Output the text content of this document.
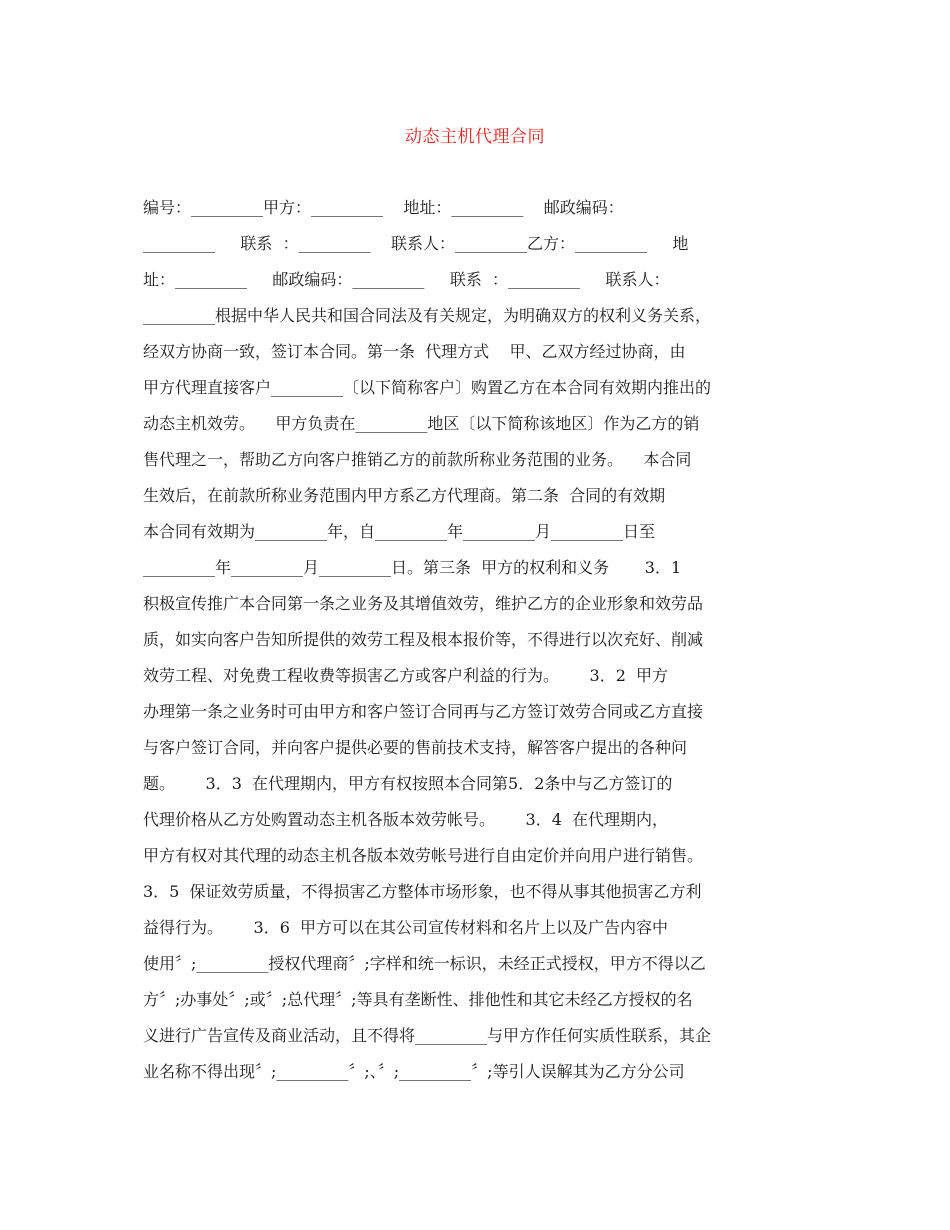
动态主机代理合同
编号：_________甲方：_________    地址：_________    邮政编码：
_________     联系  ：_________    联系人：_________乙方：_________     地
址：_________     邮政编码：_________     联系  ：_________     联系人：
_________根据中华人民共和国合同法及有关规定，为明确双方的权利义务关系，
经双方协商一致，签订本合同。第一条  代理方式    甲、乙双方经过协商，由
甲方代理直接客户_________〔以下简称客户〕购置乙方在本合同有效期内推出的
动态主机效劳。    甲方负责在_________地区〔以下简称该地区〕作为乙方的销
售代理之一，帮助乙方向客户推销乙方的前款所称业务范围的业务。    本合同
生效后，在前款所称业务范围内甲方系乙方代理商。第二条  合同的有效期
本合同有效期为_________年，自_________年_________月_________日至
_________年_________月_________日。第三条  甲方的权利和义务       3．1
积极宣传推广本合同第一条之业务及其增值效劳，维护乙方的企业形象和效劳品
质，如实向客户告知所提供的效劳工程及根本报价等，不得进行以次充好、削减
效劳工程、对免费工程收费等损害乙方或客户利益的行为。      3．2  甲方
办理第一条之业务时可由甲方和客户签订合同再与乙方签订效劳合同或乙方直接
与客户签订合同，并向客户提供必要的售前技术支持，解答客户提出的各种问
题。      3．3  在代理期内，甲方有权按照本合同第5．2条中与乙方签订的
代理价格从乙方处购置动态主机各版本效劳帐号。      3．4  在代理期内，
甲方有权对其代理的动态主机各版本效劳帐号进行自由定价并向用户进行销售。
3．5  保证效劳质量，不得损害乙方整体市场形象，也不得从事其他损害乙方利
益得行为。      3．6  甲方可以在其公司宣传材料和名片上以及广告内容中
使用〞;_________授权代理商〞;字样和统一标识，未经正式授权，甲方不得以乙
方〞;办事处〞;或〞;总代理〞;等具有垄断性、排他性和其它未经乙方授权的名
义进行广告宣传及商业活动，且不得将_________与甲方作任何实质性联系，其企
业名称不得出现〞;_________〞;、〞;_________〞;等引人误解其为乙方分公司
